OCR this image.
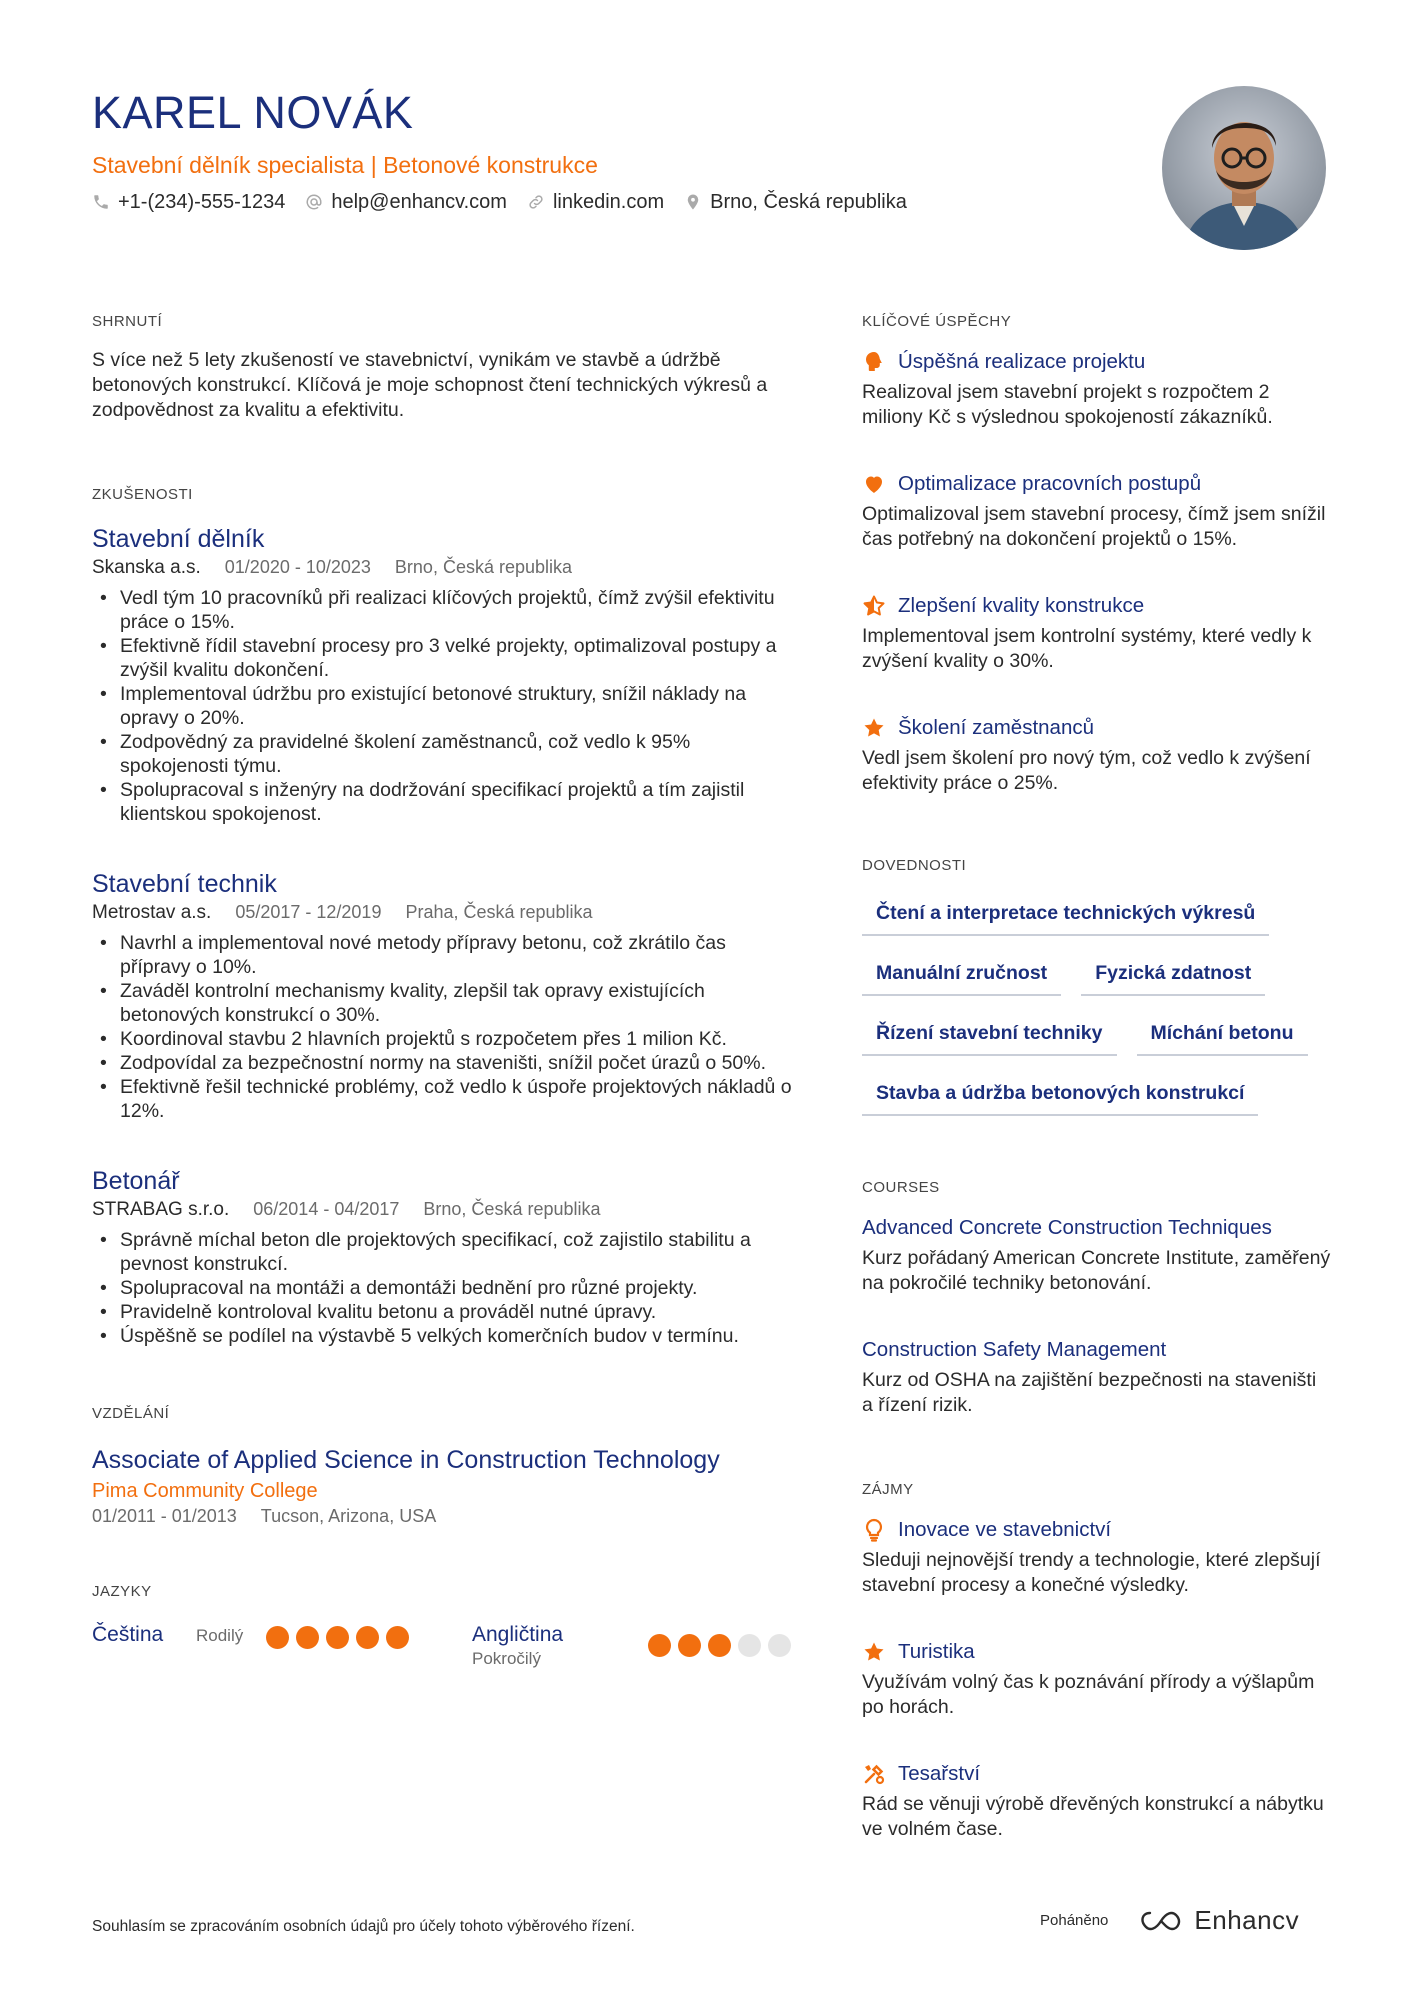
KAREL NOVÁK
Stavební dělník specialista | Betonové konstrukce
+1-(234)-555-1234 help@enhancv.com linkedin.com Brno, Česká republika
SHRNUTÍ

S více než 5 lety zkušeností ve stavebnictví, vynikám ve stavbě a údržbě betonových konstrukcí. Klíčová je moje schopnost čtení technických výkresů a zodpovědnost za kvalitu a efektivitu.

ZKUŠENOSTI
Stavební dělník
Skanska a.s. 01/2020 - 10/2023 Brno, Česká republika
• Vedl tým 10 pracovníků při realizaci klíčových projektů, čímž zvýšil efektivitu práce o 15%.
• Efektivně řídil stavební procesy pro 3 velké projekty, optimalizoval postupy a zvýšil kvalitu dokončení.
• Implementoval údržbu pro existující betonové struktury, snížil náklady na opravy o 20%.
• Zodpovědný za pravidelné školení zaměstnanců, což vedlo k 95% spokojenosti týmu.
• Spolupracoval s inženýry na dodržování specifikací projektů a tím zajistil klientskou spokojenost.
Stavební technik
Metrostav a.s. 05/2017 - 12/2019 Praha, Česká republika
• Navrhl a implementoval nové metody přípravy betonu, což zkrátilo čas přípravy o 10%.
• Zaváděl kontrolní mechanismy kvality, zlepšil tak opravy existujících betonových konstrukcí o 30%.
• Koordinoval stavbu 2 hlavních projektů s rozpočetem přes 1 milion Kč.
• Zodpovídal za bezpečnostní normy na staveništi, snížil počet úrazů o 50%.
• Efektivně řešil technické problémy, což vedlo k úspoře projektových nákladů o 12%.
Betonář
STRABAG s.r.o. 06/2014 - 04/2017 Brno, Česká republika
• Správně míchal beton dle projektových specifikací, což zajistilo stabilitu a pevnost konstrukcí.
• Spolupracoval na montáži a demontáži bednění pro různé projekty.
• Pravidelně kontroloval kvalitu betonu a prováděl nutné úpravy.
• Úspěšně se podílel na výstavbě 5 velkých komerčních budov v termínu.
VZDĚLÁNÍ
Associate of Applied Science in Construction Technology
Pima Community College
01/2011 - 01/2013 Tucson, Arizona, USA
JAZYKY
Čeština	Rodilý	Angličtina
Pokročilý
KLÍČOVÉ ÚSPĚCHY
Úspěšná realizace projektu
Realizoval jsem stavební projekt s rozpočtem 2 miliony Kč s výslednou spokojeností zákazníků.
Optimalizace pracovních postupů
Optimalizoval jsem stavební procesy, čímž jsem snížil čas potřebný na dokončení projektů o 15%.
Zlepšení kvality konstrukce
Implementoval jsem kontrolní systémy, které vedly k zvýšení kvality o 30%.
Školení zaměstnanců
Vedl jsem školení pro nový tým, což vedlo k zvýšení efektivity práce o 25%.
DOVEDNOSTI
Čtení a interpretace technických výkresů
Manuální zručnost	Fyzická zdatnost
Řízení stavební techniky	Míchání betonu
Stavba a údržba betonových konstrukcí
COURSES
Advanced Concrete Construction Techniques
Kurz pořádaný American Concrete Institute, zaměřený na pokročilé techniky betonování.
Construction Safety Management
Kurz od OSHA na zajištění bezpečnosti na staveništi a řízení rizik.
ZÁJMY
Inovace ve stavebnictví
Sleduji nejnovější trendy a technologie, které zlepšují stavební procesy a konečné výsledky.
Turistika
Využívám volný čas k poznávání přírody a výšlapům po horách.
Tesařství
Rád se věnuji výrobě dřevěných konstrukcí a nábytku ve volném čase.
Souhlasím se zpracováním osobních údajů pro účely tohoto výběrového řízení.	Poháněno	Enhancv
